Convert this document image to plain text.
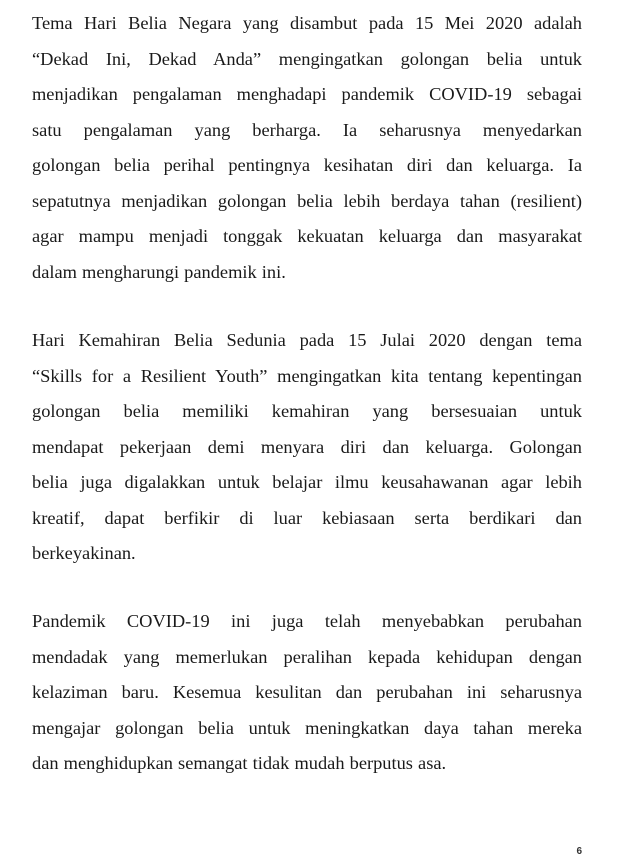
Tema Hari Belia Negara yang disambut pada 15 Mei 2020 adalah
“Dekad Ini, Dekad Anda” mengingatkan golongan belia untuk
menjadikan pengalaman menghadapi pandemik COVID-19 sebagai
satu pengalaman yang berharga. Ia seharusnya menyedarkan
golongan belia perihal pentingnya kesihatan diri dan keluarga. Ia
sepatutnya menjadikan golongan belia lebih berdaya tahan (resilient)
agar mampu menjadi tonggak kekuatan keluarga dan masyarakat
dalam mengharungi pandemik ini.

Hari Kemahiran Belia Sedunia pada 15 Julai 2020 dengan tema
“Skills for a Resilient Youth” mengingatkan kita tentang kepentingan
golongan belia memiliki kemahiran yang bersesuaian untuk
mendapat pekerjaan demi menyara diri dan keluarga. Golongan
belia juga digalakkan untuk belajar ilmu keusahawanan agar lebih
kreatif, dapat berfikir di luar kebiasaan serta berdikari dan
berkeyakinan.

Pandemik COVID-19 ini juga telah menyebabkan perubahan
mendadak yang memerlukan peralihan kepada kehidupan dengan
kelaziman baru. Kesemua kesulitan dan perubahan ini seharusnya
mengajar golongan belia untuk meningkatkan daya tahan mereka
dan menghidupkan semangat tidak mudah berputus asa.

6
